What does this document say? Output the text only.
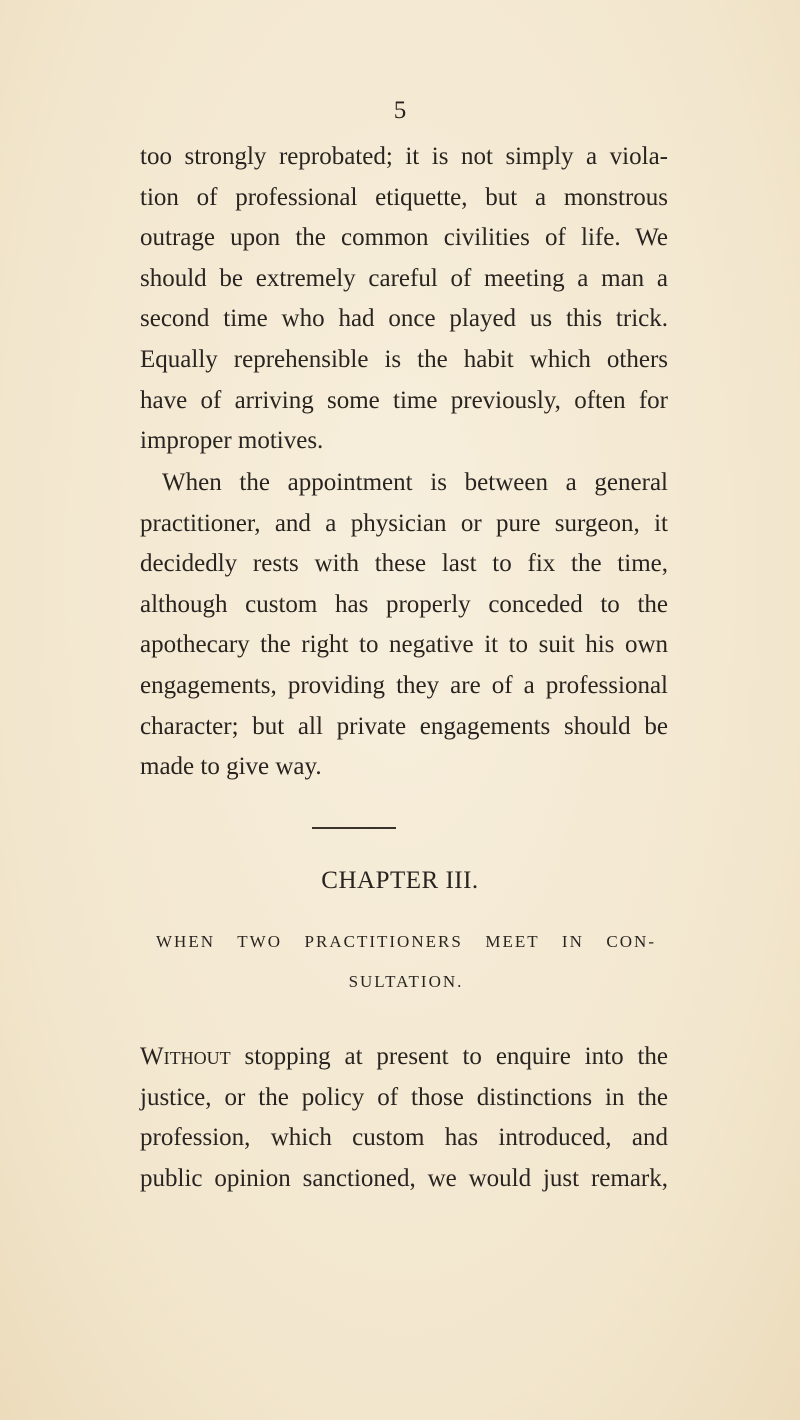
5
too strongly reprobated; it is not simply a viola-
tion of professional etiquette, but a monstrous
outrage upon the common civilities of life. We
should be extremely careful of meeting a man a
second time who had once played us this trick.
Equally reprehensible is the habit which others
have of arriving some time previously, often for
improper motives.
When the appointment is between a general
practitioner, and a physician or pure surgeon, it
decidedly rests with these last to fix the time,
although custom has properly conceded to the
apothecary the right to negative it to suit his own
engagements, providing they are of a professional
character; but all private engagements should be
made to give way.
CHAPTER III.
WHEN TWO PRACTITIONERS MEET IN CON-
SULTATION.
Without stopping at present to enquire into the
justice, or the policy of those distinctions in the
profession, which custom has introduced, and
public opinion sanctioned, we would just remark,
